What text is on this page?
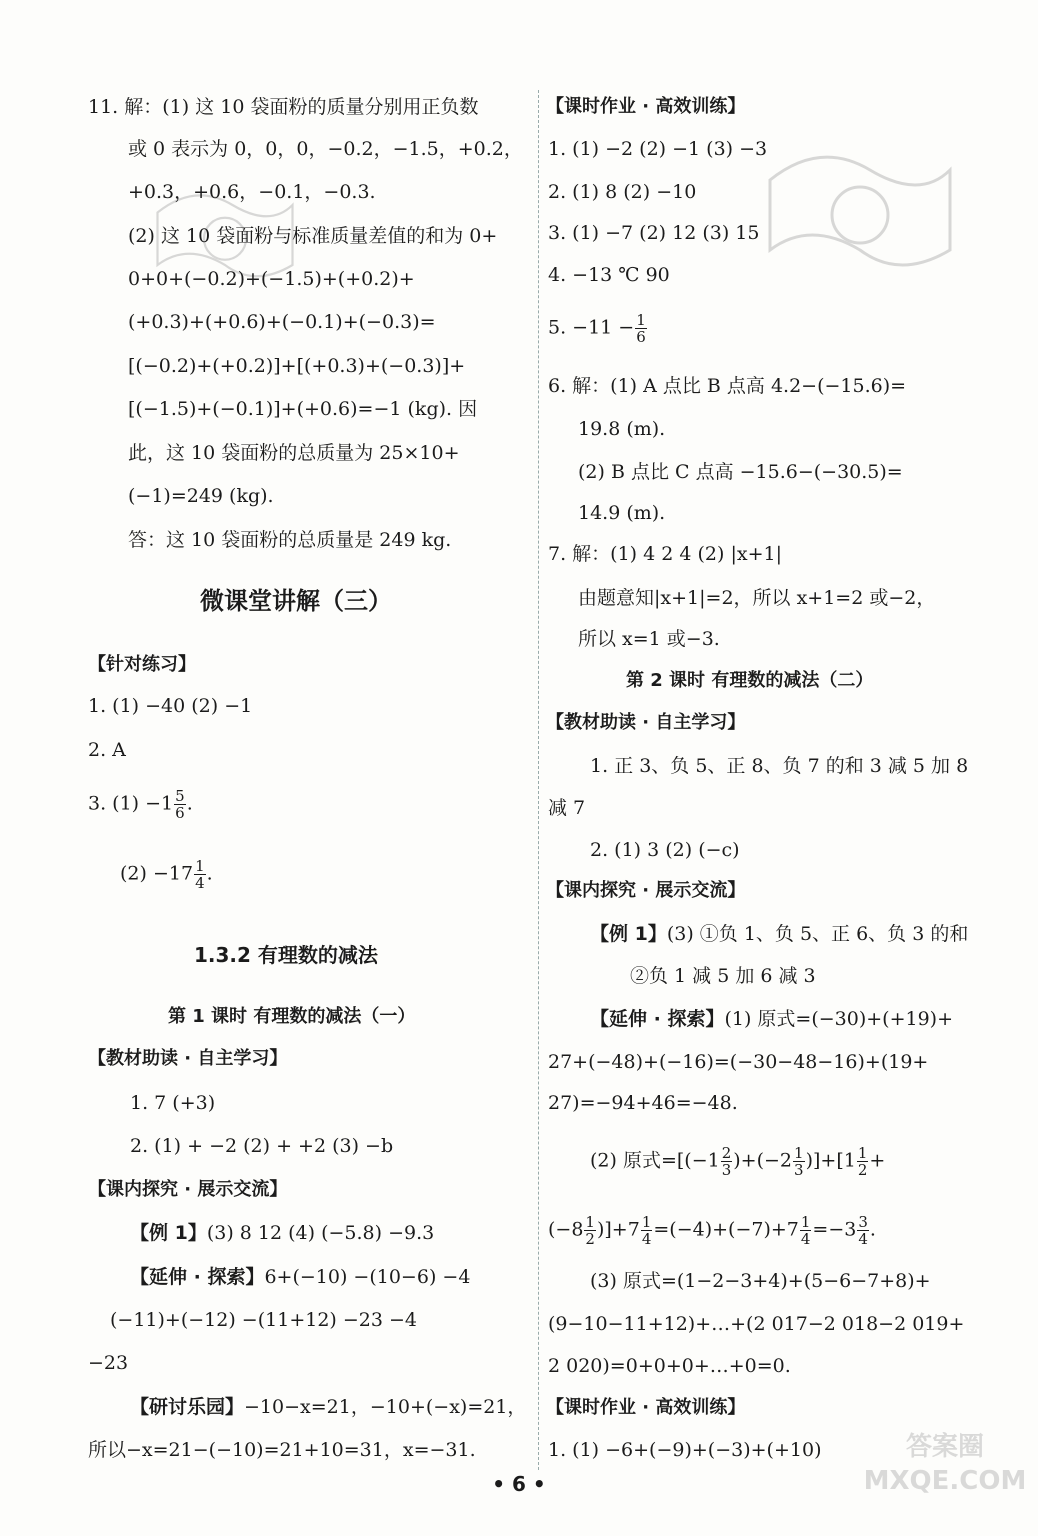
11. 解：(1) 这 10 袋面粉的质量分别用正负数
或 0 表示为 0，0，0，−0.2，−1.5，+0.2，
+0.3，+0.6，−0.1，−0.3.
(2) 这 10 袋面粉与标准质量差值的和为 0+
0+0+(−0.2)+(−1.5)+(+0.2)+
(+0.3)+(+0.6)+(−0.1)+(−0.3)=
[(−0.2)+(+0.2)]+[(+0.3)+(−0.3)]+
[(−1.5)+(−0.1)]+(+0.6)=−1 (kg). 因
此，这 10 袋面粉的总质量为 25×10+
(−1)=249 (kg).
答：这 10 袋面粉的总质量是 249 kg.
微课堂讲解（三）
【针对练习】
1. (1) −40 (2) −1
2. A
3. $(1) -1 \frac{5}{6}$ .
$(2) -17 \frac{1}{4}$ .
1.3.2 有理数的减法
第 1 课时 有理数的减法（一）
【教材助读 · 自主学习】
1. 7 (+3)
2. (1) + −2 (2) + +2 (3) −b
【课内探究 · 展示交流】
【例 1】(3) 8 12 (4) (−5.8) −9.3
【延伸 · 探索】6+(−10) −(10−6) −4
(−11)+(−12) −(11+12) −23 −4
−23
【研讨乐园】−10−x=21，−10+(−x)=21，
所以−x=21−(−10)=21+10=31，x=−31.
【课时作业 · 高效训练】
1. (1) −2 (2) −1 (3) −3
2. (1) 8 (2) −10
3. (1) −7 (2) 12 (3) 15
4. −13 ℃ 90
5. $-11 - \frac{1}{6}$
6. 解：(1) A 点比 B 点高 4.2−(−15.6)=
19.8 (m).
(2) B 点比 C 点高 −15.6−(−30.5)=
14.9 (m).
7. 解：(1) 4 2 4 (2) |x+1|
由题意知|x+1|=2，所以 x+1=2 或−2，
所以 x=1 或−3.
第 2 课时 有理数的减法（二）
【教材助读 · 自主学习】
1. 正 3、负 5、正 8、负 7 的和 3 减 5 加 8
减 7
2. (1) 3 (2) (−c)
【课内探究 · 展示交流】
【例 1】(3) ①负 1、负 5、正 6、负 3 的和
②负 1 减 5 加 6 减 3
【延伸 · 探索】(1) 原式=(−30)+(+19)+
27+(−48)+(−16)=(−30−48−16)+(19+
27)=−94+46=−48.
(2) 原式$=[(-1 \frac{2}{3} )+(-2 \frac{1}{3} )]+[1 \frac{1}{2}$ +
$(-8 \frac{1}{2} )]+7 \frac{1}{4} =(-4)+(-7)+7 \frac{1}{4} =-3 \frac{3}{4}$ .
(3) 原式=(1−2−3+4)+(5−6−7+8)+
(9−10−11+12)+…+(2 017−2 018−2 019+
2 020)=0+0+0+…+0=0.
【课时作业 · 高效训练】
1. (1) −6+(−9)+(−3)+(+10)
• 6 •
答案圈 MXQE.COM
